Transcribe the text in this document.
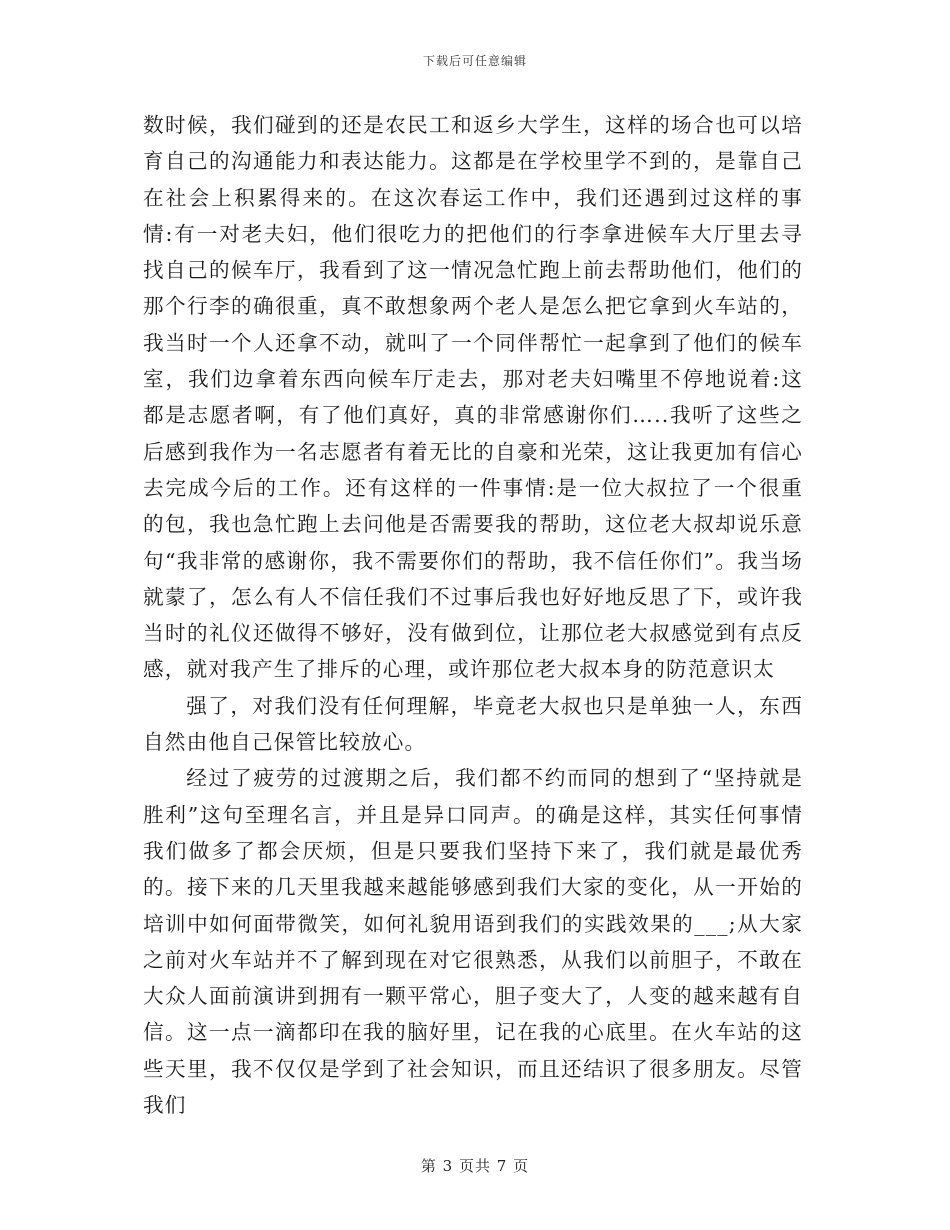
下载后可任意编辑

数时候，我们碰到的还是农民工和返乡大学生，这样的场合也可以培育自己的沟通能力和表达能力。这都是在学校里学不到的，是靠自己在社会上积累得来的。在这次春运工作中，我们还遇到过这样的事情:有一对老夫妇，他们很吃力的把他们的行李拿进候车大厅里去寻找自己的候车厅，我看到了这一情况急忙跑上前去帮助他们，他们的那个行李的确很重，真不敢想象两个老人是怎么把它拿到火车站的，我当时一个人还拿不动，就叫了一个同伴帮忙一起拿到了他们的候车室，我们边拿着东西向候车厅走去，那对老夫妇嘴里不停地说着:这都是志愿者啊，有了他们真好，真的非常感谢你们…..我听了这些之后感到我作为一名志愿者有着无比的自豪和光荣，这让我更加有信心去完成今后的工作。还有这样的一件事情:是一位大叔拉了一个很重的包，我也急忙跑上去问他是否需要我的帮助，这位老大叔却说乐意句“我非常的感谢你，我不需要你们的帮助，我不信任你们”。我当场就蒙了，怎么有人不信任我们不过事后我也好好地反思了下，或许我当时的礼仪还做得不够好，没有做到位，让那位老大叔感觉到有点反感，就对我产生了排斥的心理，或许那位老大叔本身的防范意识太

强了，对我们没有任何理解，毕竟老大叔也只是单独一人，东西自然由他自己保管比较放心。

经过了疲劳的过渡期之后，我们都不约而同的想到了“坚持就是胜利”这句至理名言，并且是异口同声。的确是这样，其实任何事情我们做多了都会厌烦，但是只要我们坚持下来了，我们就是最优秀的。接下来的几天里我越来越能够感到我们大家的变化，从一开始的培训中如何面带微笑，如何礼貌用语到我们的实践效果的___;从大家之前对火车站并不了解到现在对它很熟悉，从我们以前胆子，不敢在大众人面前演讲到拥有一颗平常心，胆子变大了，人变的越来越有自信。这一点一滴都印在我的脑好里，记在我的心底里。在火车站的这些天里，我不仅仅是学到了社会知识，而且还结识了很多朋友。尽管我们

第 3 页共 7 页
